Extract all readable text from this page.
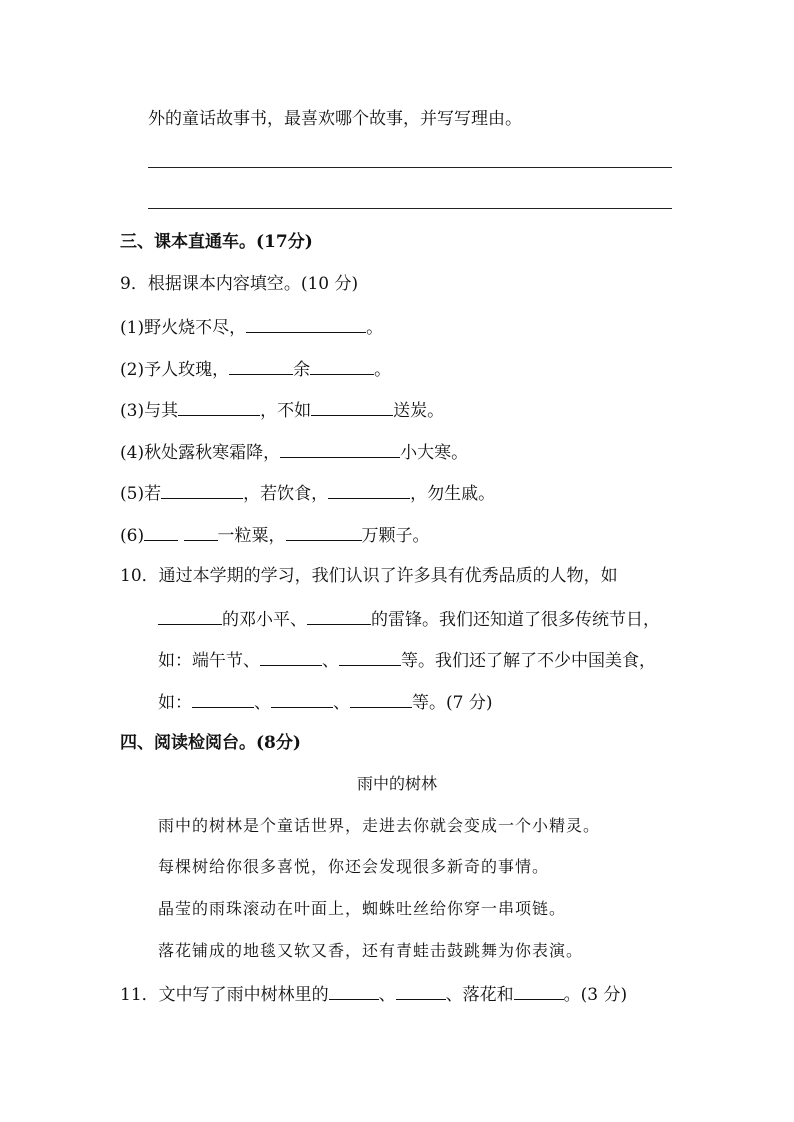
外的童话故事书，最喜欢哪个故事，并写写理由。
三、课本直通车。(17分)
9．根据课本内容填空。(10 分)
(1)野火烧不尽，	。
(2)予人玫瑰，	余	。
(3)与其	，不如	送炭。
(4)秋处露秋寒霜降，	小大寒。
(5)若	，若饮食，	，勿生戚。
(6)	一粒粟，	万颗子。
10．通过本学期的学习，我们认识了许多具有优秀品质的人物，如
的邓小平、	的雷锋。我们还知道了很多传统节日，
如：端午节、	、	等。我们还了解了不少中国美食，
如：	、	、	等。(7 分)
四、阅读检阅台。(8分)
雨中的树林
雨中的树林是个童话世界，走进去你就会变成一个小精灵。
每棵树给你很多喜悦，你还会发现很多新奇的事情。
晶莹的雨珠滚动在叶面上，蜘蛛吐丝给你穿一串项链。
落花铺成的地毯又软又香，还有青蛙击鼓跳舞为你表演。
11．文中写了雨中树林里的	、	、落花和	。(3 分)
